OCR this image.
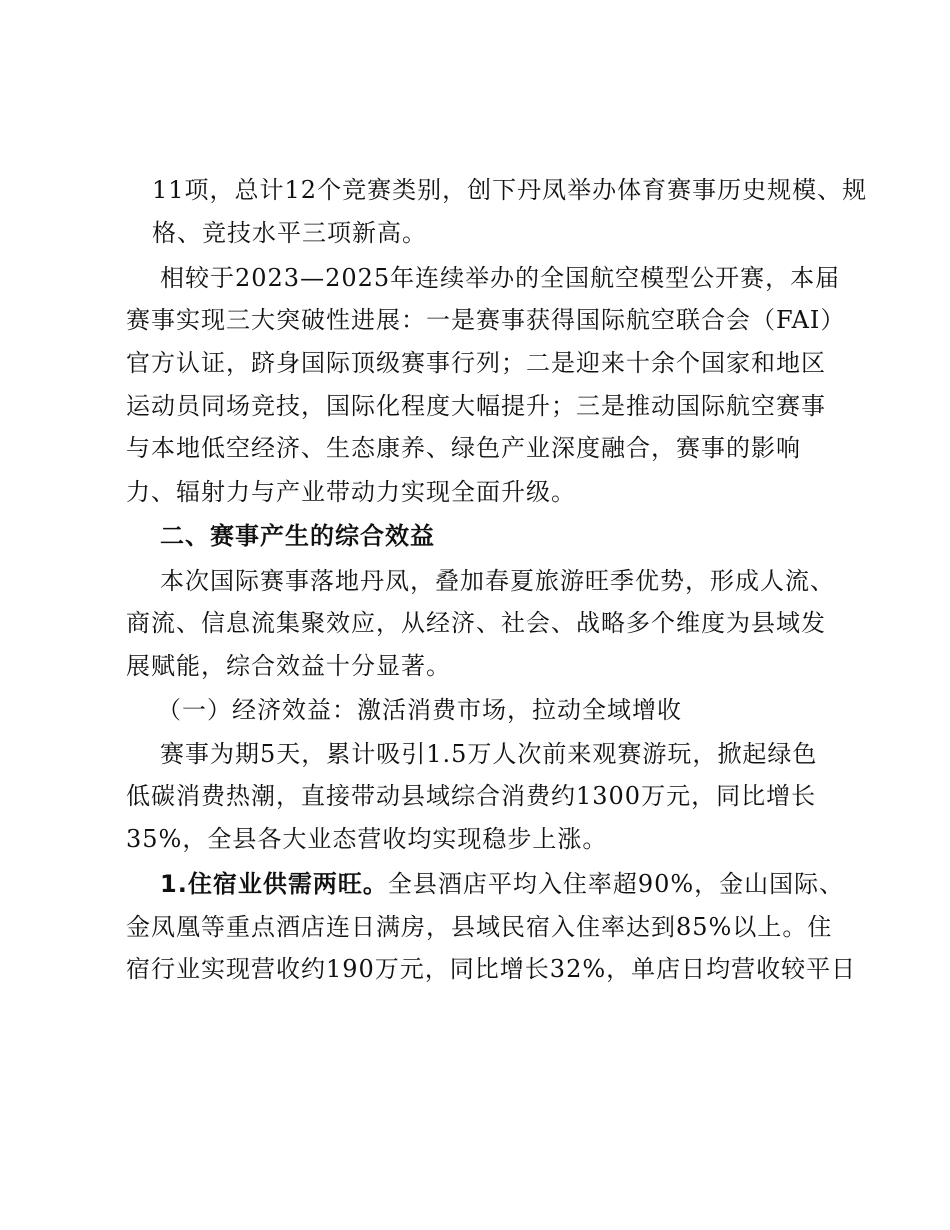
11项，总计12个竞赛类别，创下丹凤举办体育赛事历史规模、规
格、竞技水平三项新高。
相较于2023—2025年连续举办的全国航空模型公开赛，本届
赛事实现三大突破性进展：一是赛事获得国际航空联合会（FAI）
官方认证，跻身国际顶级赛事行列；二是迎来十余个国家和地区
运动员同场竞技，国际化程度大幅提升；三是推动国际航空赛事
与本地低空经济、生态康养、绿色产业深度融合，赛事的影响
力、辐射力与产业带动力实现全面升级。
二、赛事产生的综合效益
本次国际赛事落地丹凤，叠加春夏旅游旺季优势，形成人流、
商流、信息流集聚效应，从经济、社会、战略多个维度为县域发
展赋能，综合效益十分显著。
（一）经济效益：激活消费市场，拉动全域增收
赛事为期5天，累计吸引1.5万人次前来观赛游玩，掀起绿色
低碳消费热潮，直接带动县域综合消费约1300万元，同比增长
35%，全县各大业态营收均实现稳步上涨。
1.住宿业供需两旺。全县酒店平均入住率超90%，金山国际、
金凤凰等重点酒店连日满房，县域民宿入住率达到85%以上。住
宿行业实现营收约190万元，同比增长32%，单店日均营收较平日
